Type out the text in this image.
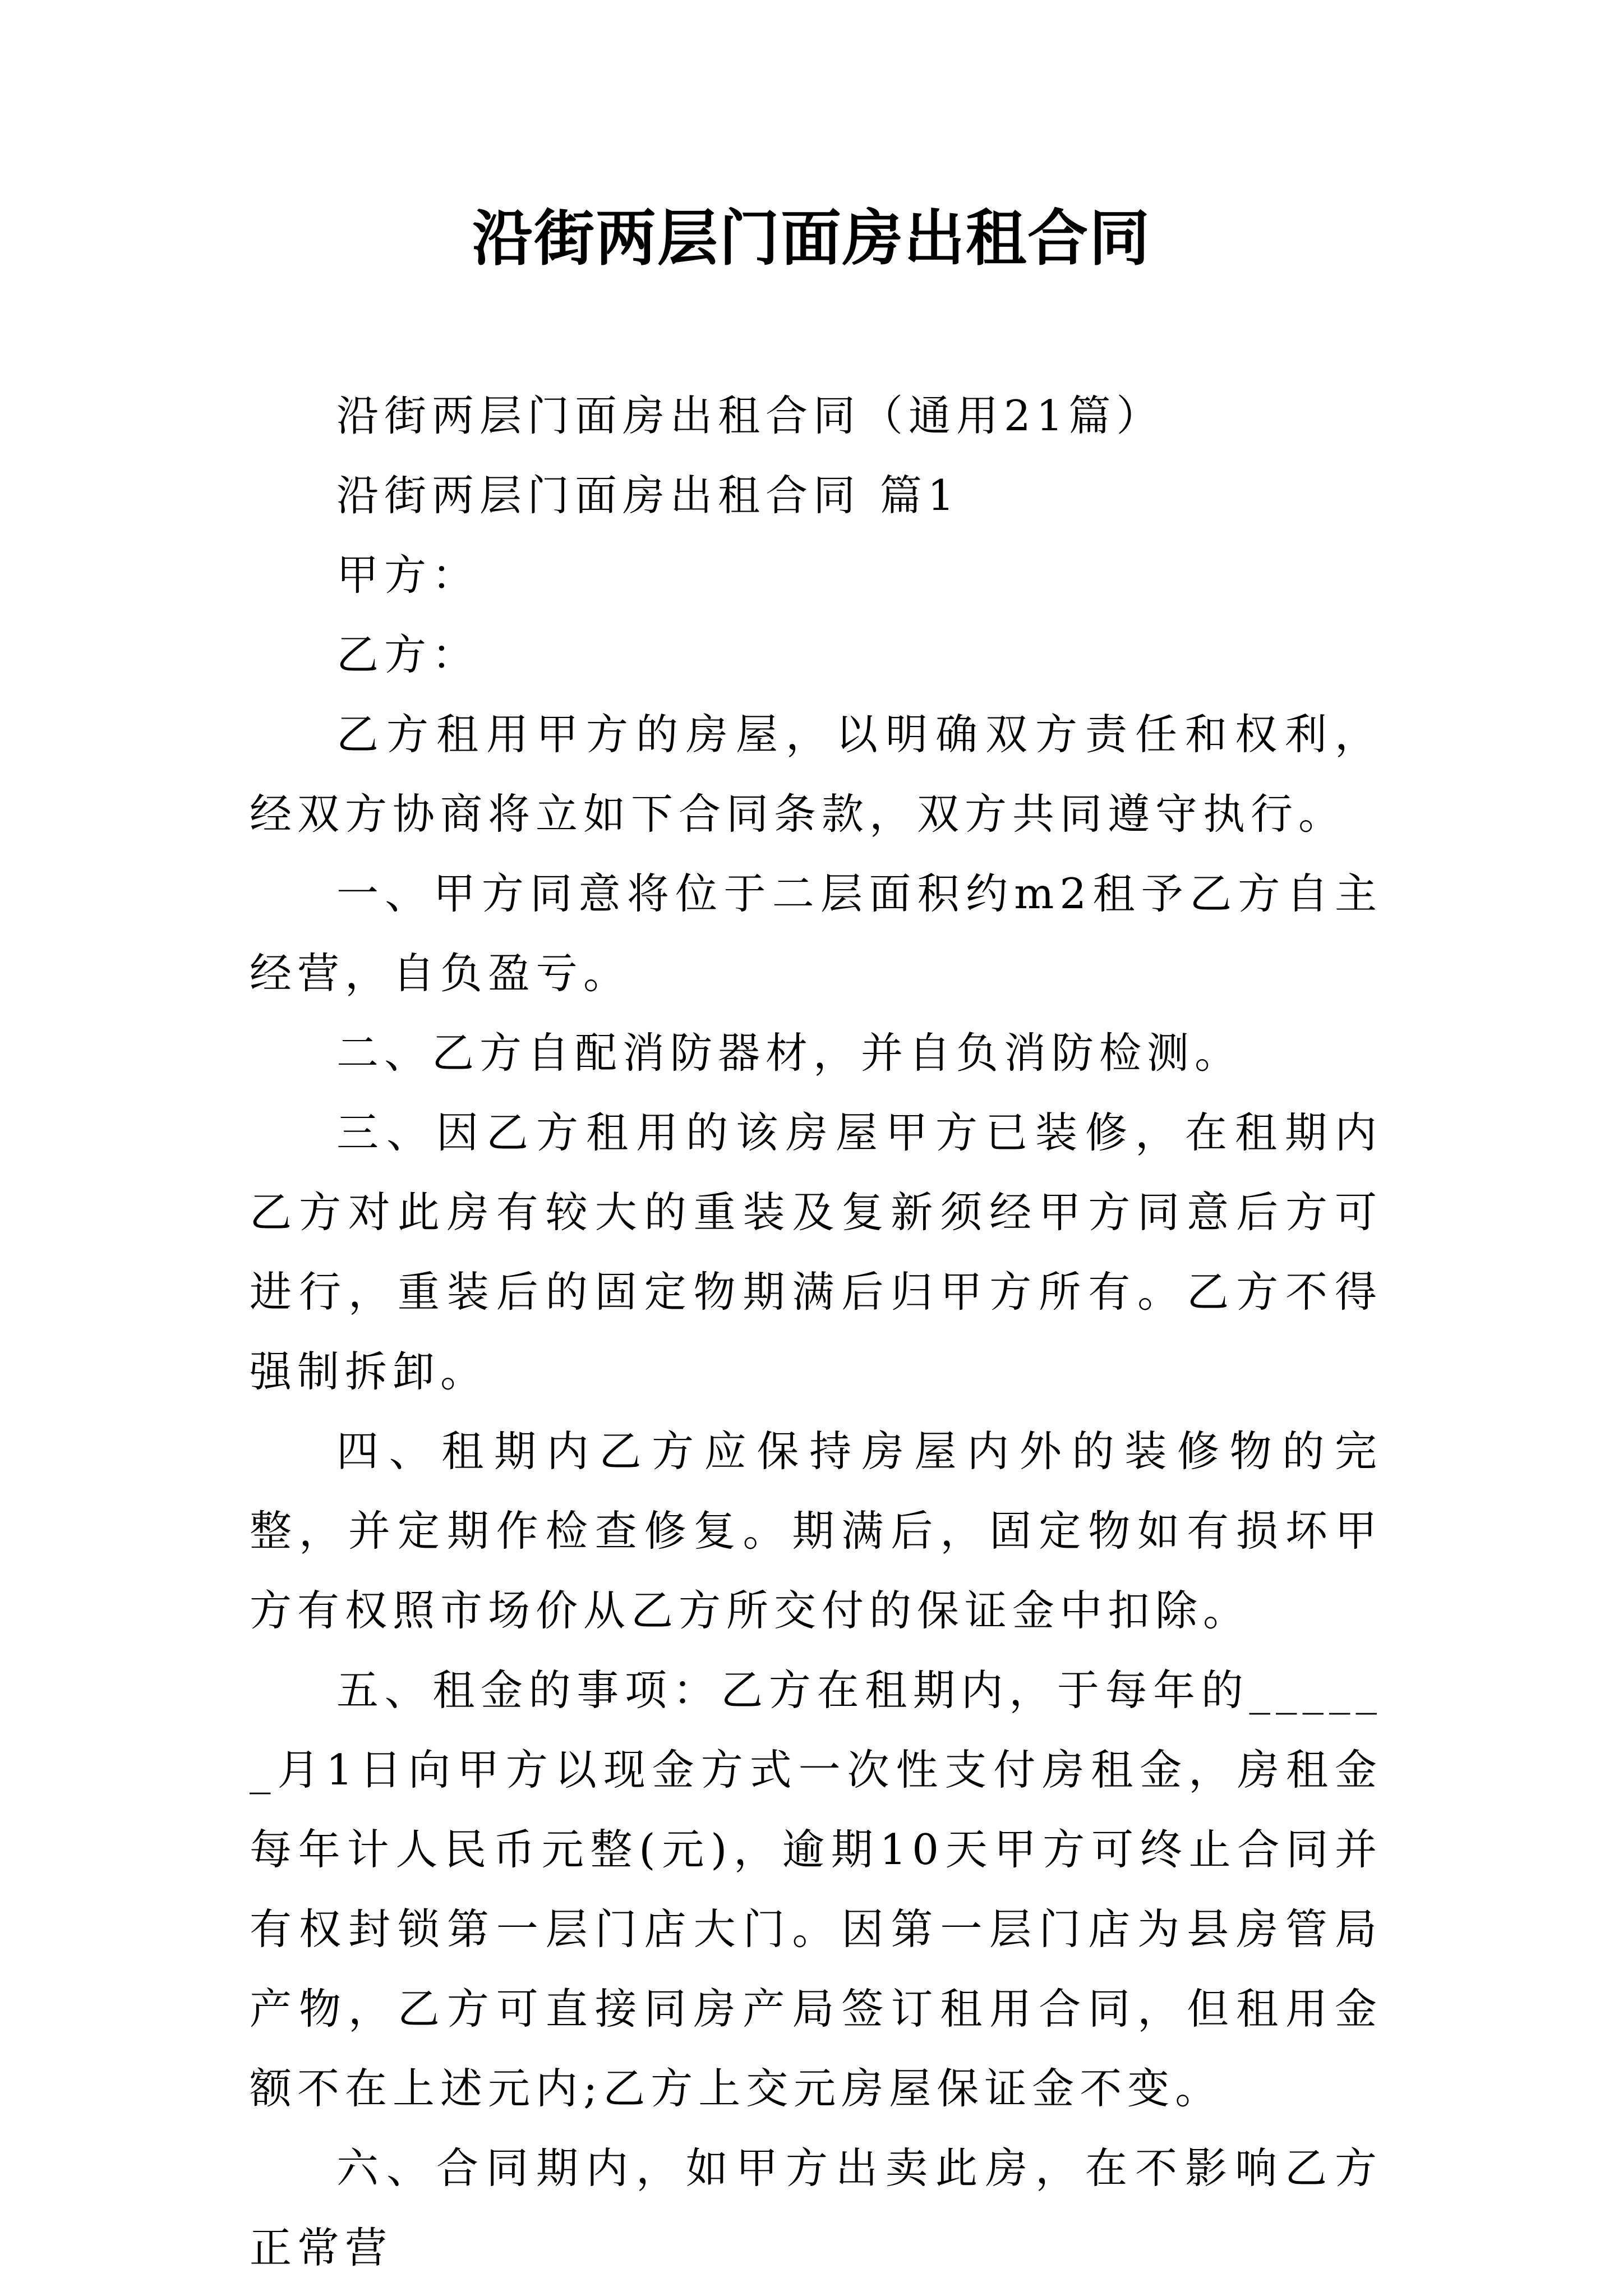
沿街两层门面房出租合同

沿街两层门面房出租合同（通用21篇）

沿街两层门面房出租合同 篇1

甲方：

乙方：

乙方租用甲方的房屋，以明确双方责任和权利，经双方协商将立如下合同条款，双方共同遵守执行。

一、甲方同意将位于二层面积约m2租予乙方自主经营，自负盈亏。

二、乙方自配消防器材，并自负消防检测。

三、因乙方租用的该房屋甲方已装修，在租期内乙方对此房有较大的重装及复新须经甲方同意后方可进行，重装后的固定物期满后归甲方所有。乙方不得强制拆卸。

四、租期内乙方应保持房屋内外的装修物的完整，并定期作检查修复。期满后，固定物如有损坏甲方有权照市场价从乙方所交付的保证金中扣除。

五、租金的事项：乙方在租期内，于每年的______月1日向甲方以现金方式一次性支付房租金，房租金每年计人民币元整(元)，逾期10天甲方可终止合同并有权封锁第一层门店大门。因第一层门店为县房管局产物，乙方可直接同房产局签订租用合同，但租用金额不在上述元内;乙方上交元房屋保证金不变。

六、合同期内，如甲方出卖此房，在不影响乙方正常营
